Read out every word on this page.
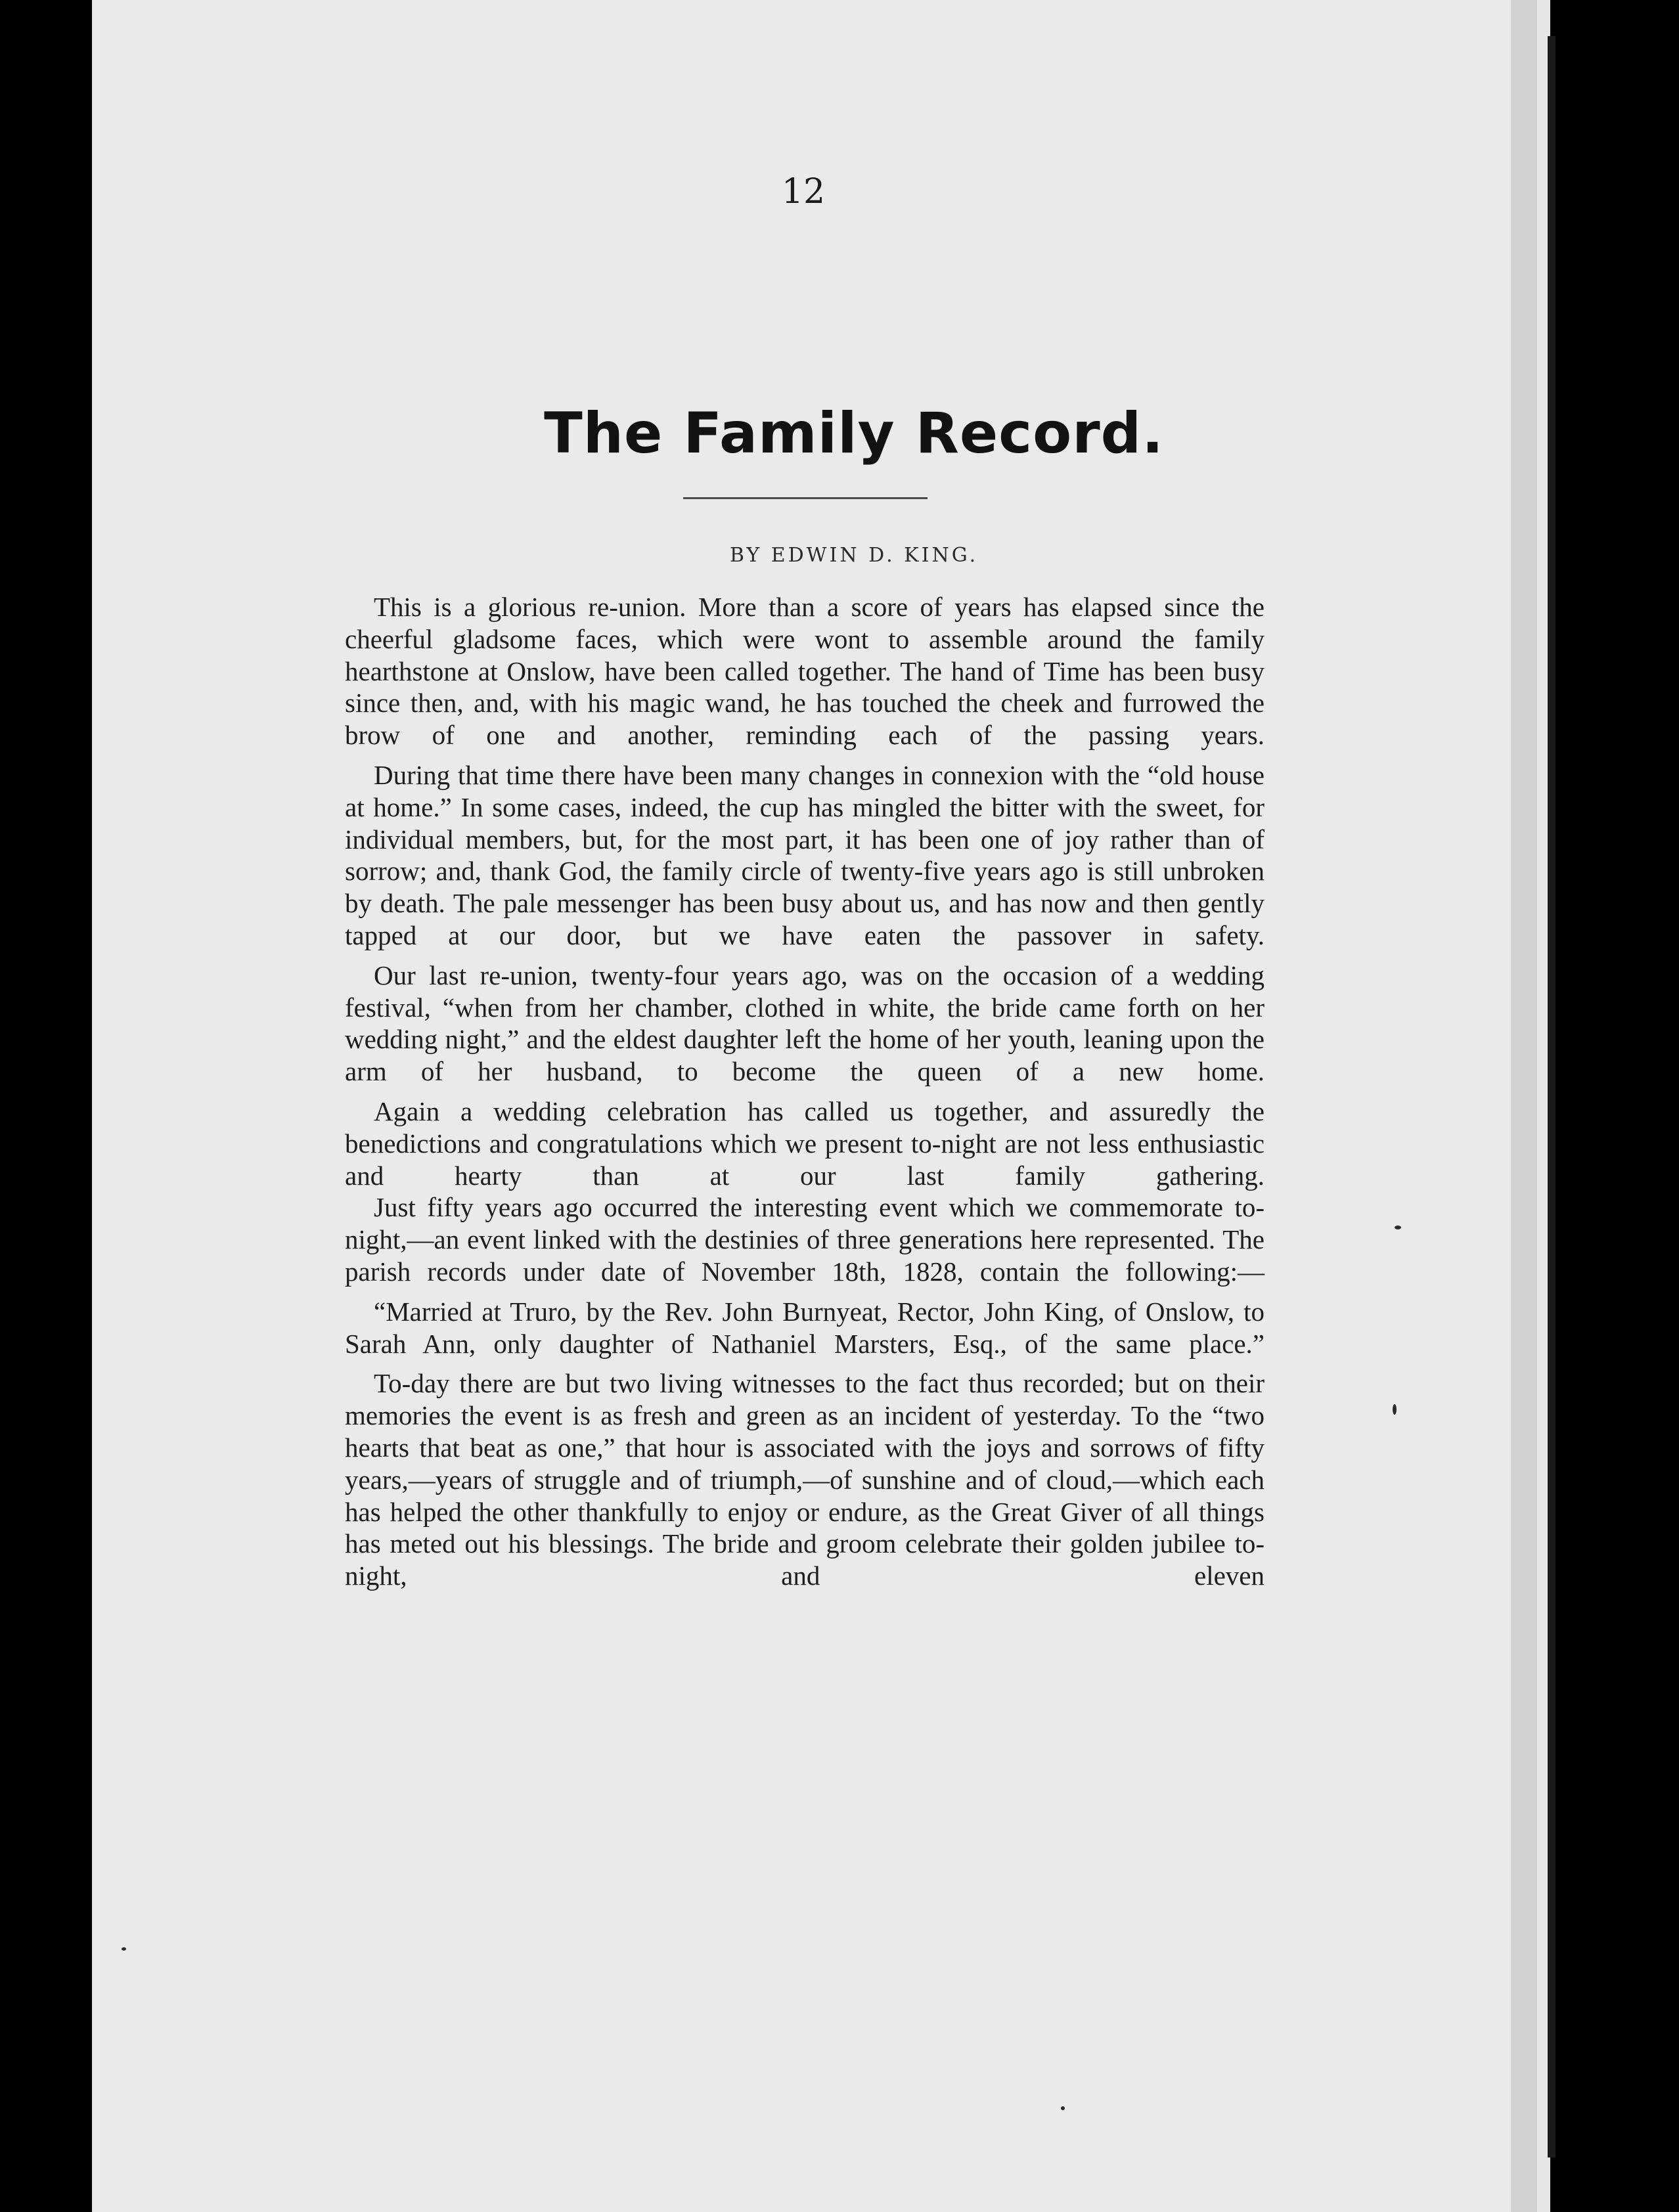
12
The Family Record.
BY EDWIN D. KING.

This is a glorious re-union. More than a score of years has elapsed since the cheerful gladsome faces, which were wont to assemble around the family hearthstone at Onslow, have been called together. The hand of Time has been busy since then, and, with his magic wand, he has touched the cheek and furrowed the brow of one and another, reminding each of the passing years.

During that time there have been many changes in connexion with the “old house at home.” In some cases, indeed, the cup has mingled the bitter with the sweet, for individual members, but, for the most part, it has been one of joy rather than of sorrow; and, thank God, the family circle of twenty-five years ago is still unbroken by death. The pale messenger has been busy about us, and has now and then gently tapped at our door, but we have eaten the passover in safety.

Our last re-union, twenty-four years ago, was on the occasion of a wedding festival, “when from her chamber, clothed in white, the bride came forth on her wedding night,” and the eldest daughter left the home of her youth, leaning upon the arm of her husband, to become the queen of a new home.

Again a wedding celebration has called us together, and assuredly the benedictions and congratulations which we present to-night are not less enthusiastic and hearty than at our last family gathering.

Just fifty years ago occurred the interesting event which we commemorate to-night,—an event linked with the destinies of three generations here represented. The parish records under date of November 18th, 1828, contain the following:—

“Married at Truro, by the Rev. John Burnyeat, Rector, John King, of Onslow, to Sarah Ann, only daughter of Nathaniel Marsters, Esq., of the same place.”

To-day there are but two living witnesses to the fact thus recorded; but on their memories the event is as fresh and green as an incident of yesterday. To the “two hearts that beat as one,” that hour is associated with the joys and sorrows of fifty years,—years of struggle and of triumph,—of sunshine and of cloud,—which each has helped the other thankfully to enjoy or endure, as the Great Giver of all things has meted out his blessings. The bride and groom celebrate their golden jubilee to-night, and eleven
